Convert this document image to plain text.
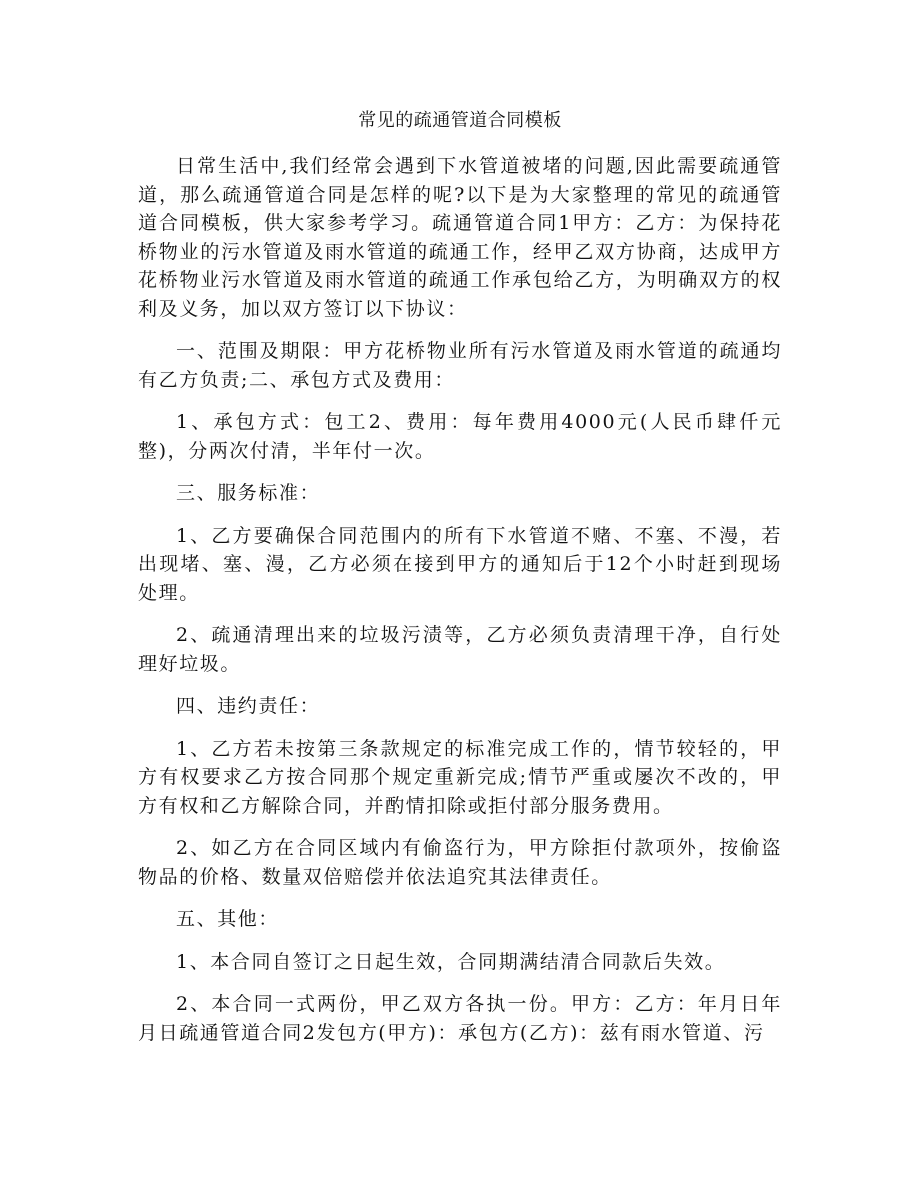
常见的疏通管道合同模板

日常生活中,我们经常会遇到下水管道被堵的问题,因此需要疏通管道，那么疏通管道合同是怎样的呢?以下是为大家整理的常见的疏通管道合同模板，供大家参考学习。疏通管道合同1甲方：乙方：为保持花桥物业的污水管道及雨水管道的疏通工作，经甲乙双方协商，达成甲方花桥物业污水管道及雨水管道的疏通工作承包给乙方，为明确双方的权利及义务，加以双方签订以下协议：

一、范围及期限：甲方花桥物业所有污水管道及雨水管道的疏通均有乙方负责;二、承包方式及费用：

1、承包方式：包工2、费用：每年费用4000元(人民币肆仟元整)，分两次付清，半年付一次。

三、服务标准：

1、乙方要确保合同范围内的所有下水管道不赌、不塞、不漫，若出现堵、塞、漫，乙方必须在接到甲方的通知后于12个小时赶到现场处理。

2、疏通清理出来的垃圾污渍等，乙方必须负责清理干净，自行处理好垃圾。

四、违约责任：

1、乙方若未按第三条款规定的标准完成工作的，情节较轻的，甲方有权要求乙方按合同那个规定重新完成;情节严重或屡次不改的，甲方有权和乙方解除合同，并酌情扣除或拒付部分服务费用。

2、如乙方在合同区域内有偷盗行为，甲方除拒付款项外，按偷盗物品的价格、数量双倍赔偿并依法追究其法律责任。

五、其他：

1、本合同自签订之日起生效，合同期满结清合同款后失效。

2、本合同一式两份，甲乙双方各执一份。甲方：乙方：年月日年月日疏通管道合同2发包方(甲方)：承包方(乙方)：兹有雨水管道、污
